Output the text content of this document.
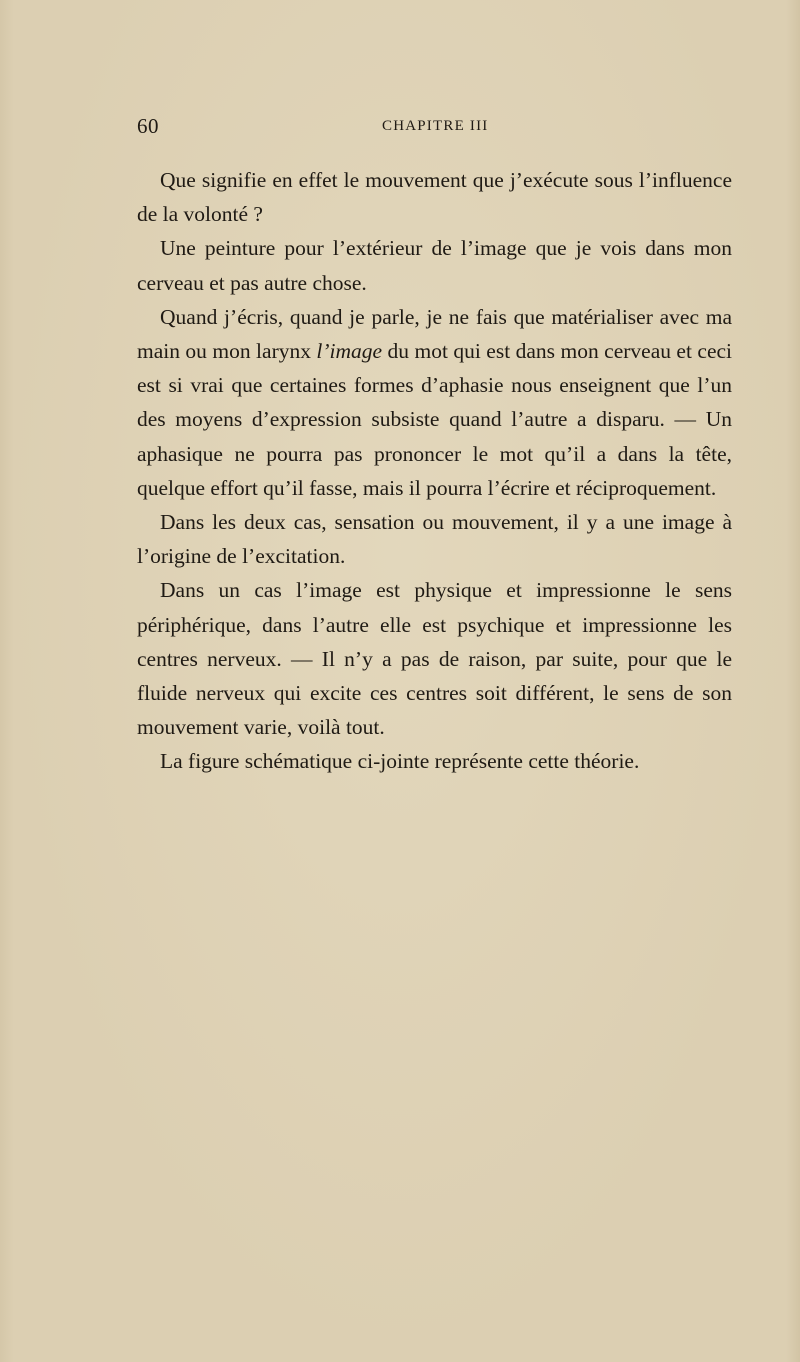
60	CHAPITRE III

Que signifie en effet le mouvement que j’exécute sous l’influence de la volonté ?

Une peinture pour l’extérieur de l’image que je vois dans mon cerveau et pas autre chose.

Quand j’écris, quand je parle, je ne fais que matérialiser avec ma main ou mon larynx l’image du mot qui est dans mon cerveau et ceci est si vrai que certaines formes d’aphasie nous enseignent que l’un des moyens d’expression subsiste quand l’autre a disparu. — Un aphasique ne pourra pas prononcer le mot qu’il a dans la tête, quelque effort qu’il fasse, mais il pourra l’écrire et réciproquement.

Dans les deux cas, sensation ou mouvement, il y a une image à l’origine de l’excitation.

Dans un cas l’image est physique et impressionne le sens périphérique, dans l’autre elle est psychique et impressionne les centres nerveux. — Il n’y a pas de raison, par suite, pour que le fluide nerveux qui excite ces centres soit différent, le sens de son mouvement varie, voilà tout.

La figure schématique ci-jointe représente cette théorie.
